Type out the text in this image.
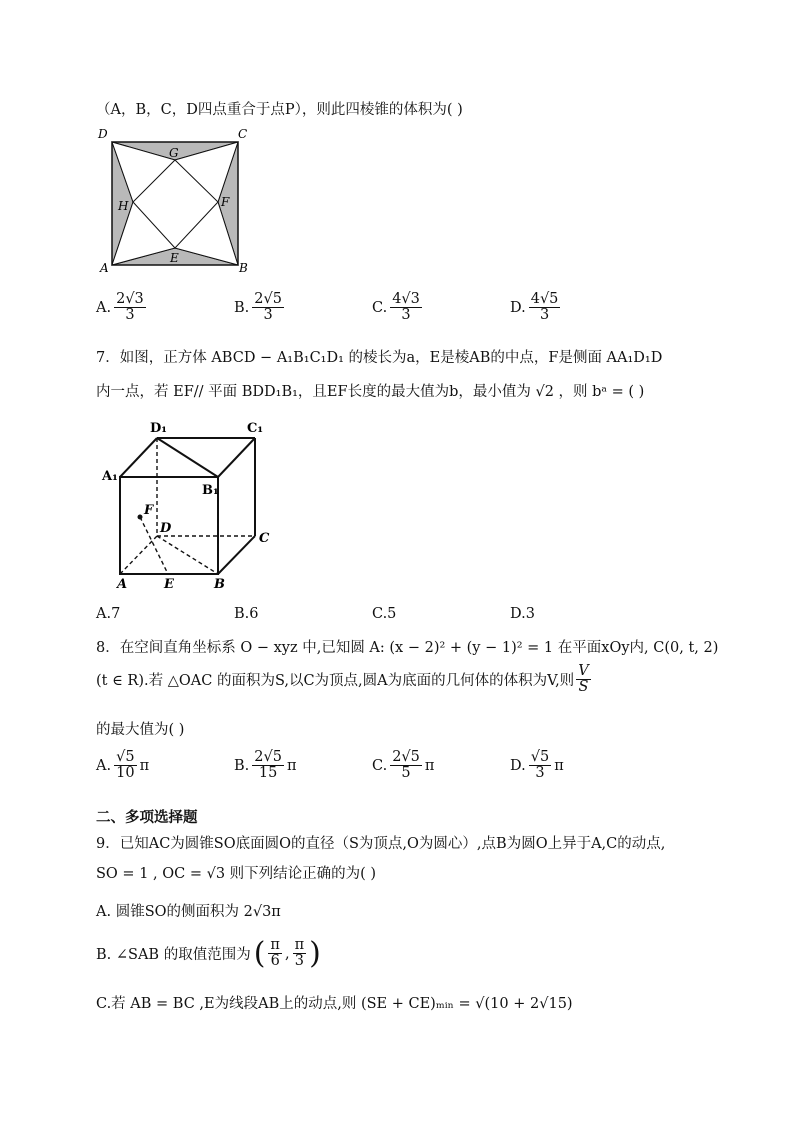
（A，B，C，D四点重合于点P），则此四棱锥的体积为( )
D	C
G
H	F
E
A	B
A. $\frac{2√3}{3}$	B. $\frac{2√5}{3}$	C. $\frac{4√3}{3}$	D. $\frac{4√5}{3}$
7．如图，正方体 ABCD − A₁B₁C₁D₁ 的棱长为a，E是棱AB的中点，F是侧面 AA₁D₁D
内一点，若 EF// 平面 BDD₁B₁，且EF长度的最大值为b，最小值为 √2 ，则 bᵃ = ( )
D₁	C₁
A₁
B₁
F
D
C
A	E	B
A.7	B.6	C.5	D.3
8．在空间直角坐标系 O − xyz 中,已知圆 A: (x − 2)² + (y − 1)² = 1 在平面xOy内, C(0, t, 2)
(t ∈ R).若 △OAC 的面积为S,以C为顶点,圆A为底面的几何体的体积为V,则 $\frac{V}{S}$
的最大值为( )
A. $\frac{√5}{10}$ π	B. $\frac{2√5}{15}$ π	C. $\frac{2√5}{5}$ π	D. $\frac{√5}{3}$ π
二、多项选择题
9．已知AC为圆锥SO底面圆O的直径（S为顶点,O为圆心）,点B为圆O上异于A,C的动点,
SO = 1 , OC = √3 则下列结论正确的为( )
A. 圆锥SO的侧面积为 2√3π
B. ∠SAB 的取值范围为 ( $\frac{\pi}{6}$ , $\frac{\pi}{3}$ )
C.若 AB = BC ,E为线段AB上的动点,则 (SE + CE)ₘᵢₙ = √(10 + 2√15)
